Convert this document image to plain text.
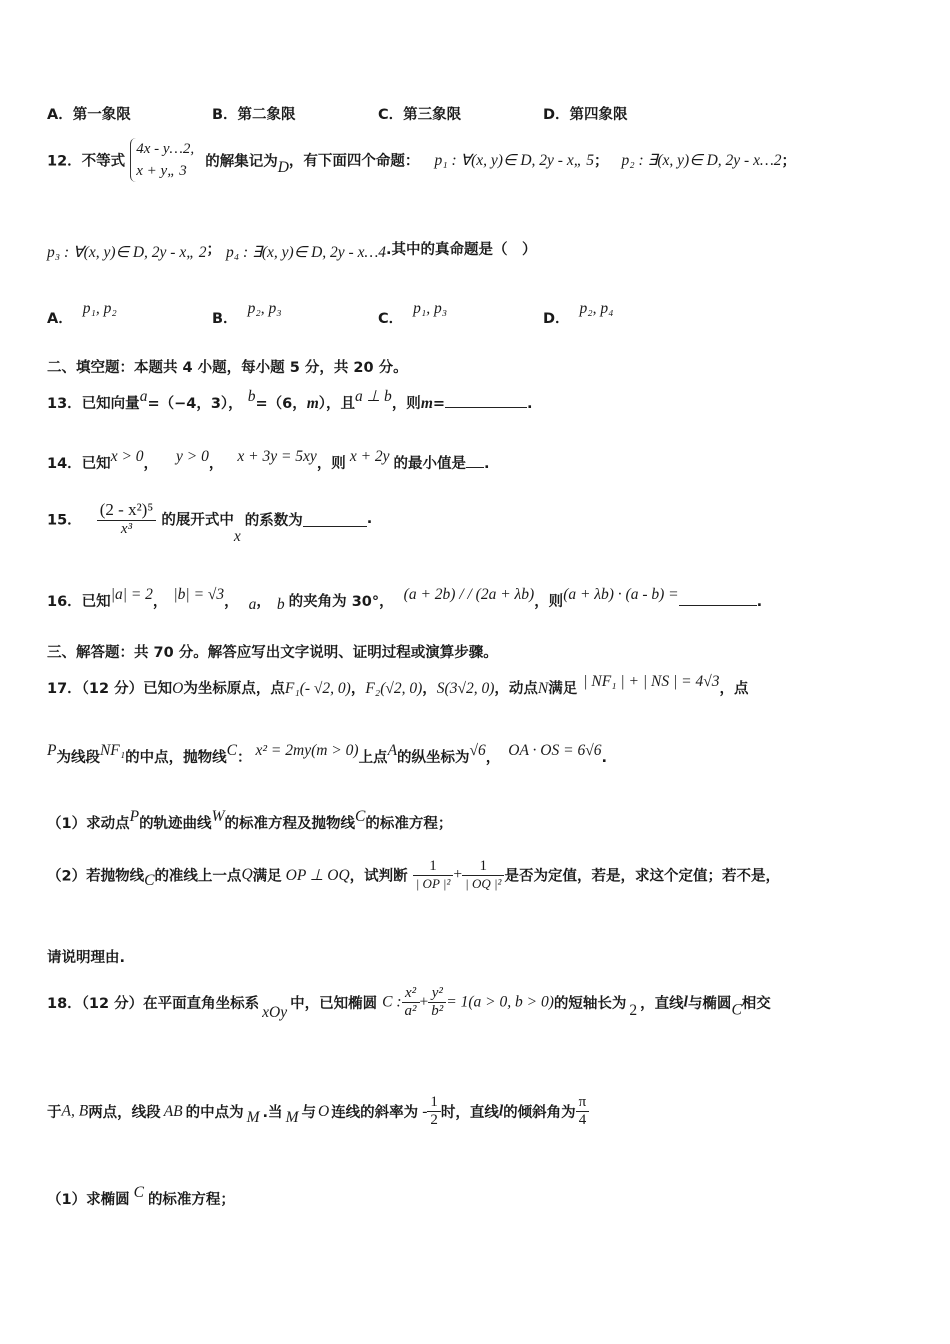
A．第一象限	B．第二象限	C．第三象限	D．第四象限
12．不等式
4x - y…2,
x + y„ 3
的解集记为D，有下面四个命题： p₁ : ∀(x, y)∈ D, 2y - x„ 5； p₂ : ∃(x, y)∈ D, 2y - x…2；
p₃ : ∀(x, y)∈ D, 2y - x„ 2； p₄ : ∃(x, y)∈ D, 2y - x…4.其中的真命题是（　）
A．p₁, p₂
B．p₂, p₃
C．p₁, p₃
D．p₂, p₄
二、填空题：本题共 4 小题，每小题 5 分，共 20 分。
13．已知向量a=（−4，3）， b=（6，m），且a ⊥ b，则m=	.
14．已知x > 0， y > 0， x + 3y = 5xy，则 x + 2y 的最小值是 .
15． $\frac{\text{(2 - x²)⁵}}{\text{x³}}$ 的展开式中x的系数为	.
16．已知|a| = 2， |b| = √3， a， b 的夹角为 30°， (a + 2b) / / (2a + λb)，则(a + λb) · (a - b) =	.
三、解答题：共 70 分。解答应写出文字说明、证明过程或演算步骤。
17．（12 分）已知O为坐标原点，点F₁(- √2, 0)，F₂(√2, 0)，S(3√2, 0)，动点N满足 | NF₁ | + | NS | = 4√3，点
P为线段NF₁的中点，抛物线C： x² = 2my(m > 0)上点A的纵坐标为√6， OA · OS = 6√6.
（1）求动点P的轨迹曲线W的标准方程及抛物线C的标准方程；
（2）若抛物线C的准线上一点Q满足 OP ⊥ OQ，试判断 $\frac{1}{\text{| OP |²}} + \frac{1}{\text{| OQ |²}}$ 是否为定值，若是，求这个定值；若不是，
请说明理由.
18．（12 分）在平面直角坐标系 xOy 中，已知椭圆 C : $\frac{\text{x²}}{\text{a²}} + \frac{\text{y²}}{\text{b²}} = 1(a > 0$, b > 0)的短轴长为 2 ，直线l与椭圆C相交
于A, B两点，线段 AB 的中点为 M .当 M 与 O 连线的斜率为 - $\frac{1}{2}$ 时，直线l的倾斜角为 $\frac{\pi}{4}$
（1）求椭圆 C 的标准方程；
